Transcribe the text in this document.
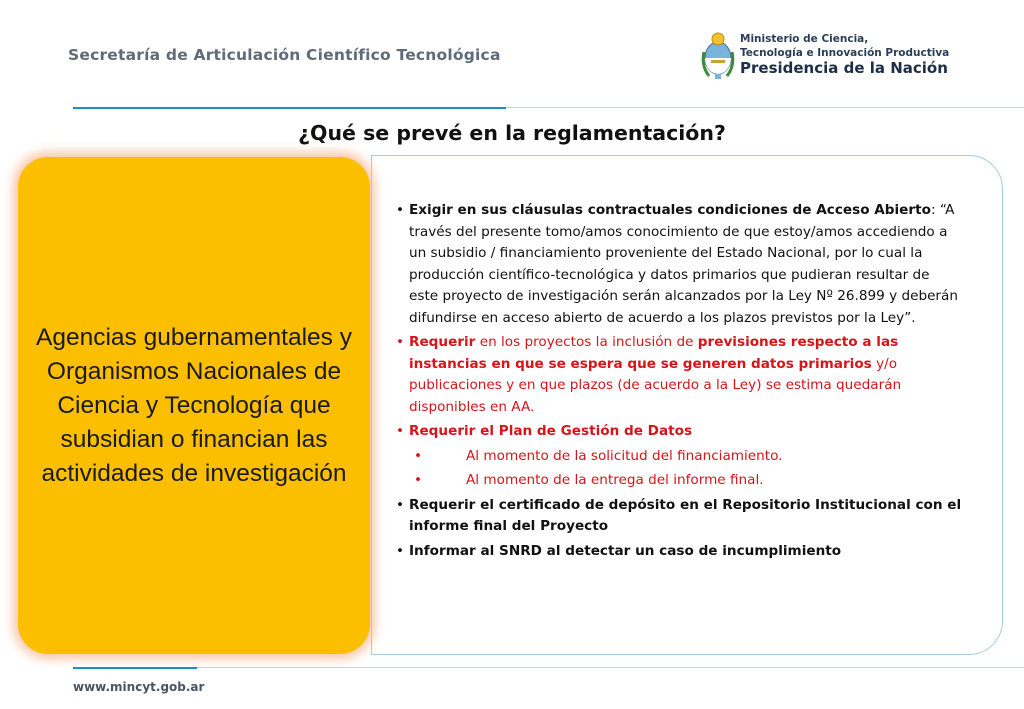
Secretaría de Articulación Científico Tecnológica
Ministerio de Ciencia,
Tecnología e Innovación Productiva
Presidencia de la Nación
¿Qué se prevé en la reglamentación?
Agencias gubernamentales y Organismos Nacionales de Ciencia y Tecnología que subsidian o financian las actividades de investigación
• Exigir en sus cláusulas contractuales condiciones de Acceso Abierto: “A través del presente tomo/amos conocimiento de que estoy/amos accediendo a un subsidio / financiamiento proveniente del Estado Nacional, por lo cual la producción científico-tecnológica y datos primarios que pudieran resultar de este proyecto de investigación serán alcanzados por la Ley Nº 26.899 y deberán difundirse en acceso abierto de acuerdo a los plazos previstos por la Ley”.
• Requerir en los proyectos la inclusión de previsiones respecto a las instancias en que se espera que se generen datos primarios y/o publicaciones y en que plazos (de acuerdo a la Ley) se estima quedarán disponibles en AA.
• Requerir el Plan de Gestión de Datos
•	Al momento de la solicitud del financiamiento.
•	Al momento de la entrega del informe final.
• Requerir el certificado de depósito en el Repositorio Institucional con el informe final del Proyecto
• Informar al SNRD al detectar un caso de incumplimiento
www.mincyt.gob.ar
